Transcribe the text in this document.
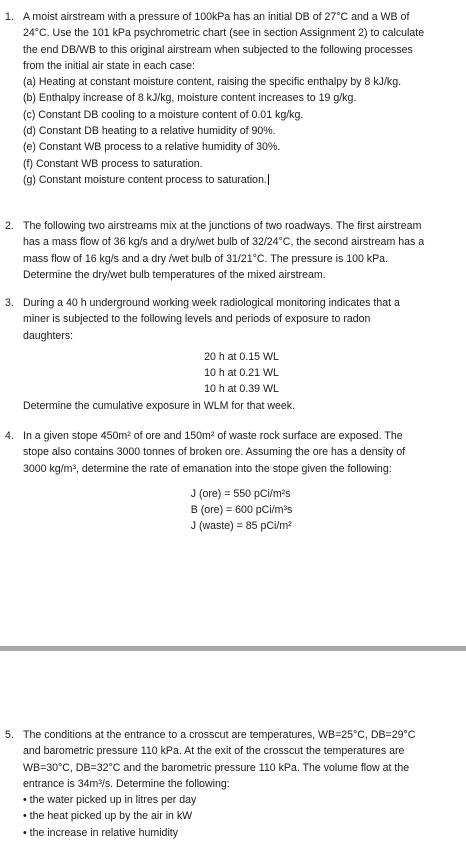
1. A moist airstream with a pressure of 100kPa has an initial DB of 27°C and a WB of
24°C. Use the 101 kPa psychrometric chart (see in section Assignment 2) to calculate
the end DB/WB to this original airstream when subjected to the following processes
from the initial air state in each case:
(a) Heating at constant moisture content, raising the specific enthalpy by 8 kJ/kg.
(b) Enthalpy increase of 8 kJ/kg, moisture content increases to 19 g/kg.
(c) Constant DB cooling to a moisture content of 0.01 kg/kg.
(d) Constant DB heating to a relative humidity of 90%.
(e) Constant WB process to a relative humidity of 30%.
(f) Constant WB process to saturation.
(g) Constant moisture content process to saturation.
2. The following two airstreams mix at the junctions of two roadways. The first airstream
has a mass flow of 36 kg/s and a dry/wet bulb of 32/24°C, the second airstream has a
mass flow of 16 kg/s and a dry /wet bulb of 31/21°C. The pressure is 100 kPa.
Determine the dry/wet bulb temperatures of the mixed airstream.
3. During a 40 h underground working week radiological monitoring indicates that a
miner is subjected to the following levels and periods of exposure to radon
daughters:
20 h at 0.15 WL
10 h at 0.21 WL
10 h at 0.39 WL
Determine the cumulative exposure in WLM for that week.
4. In a given stope 450m² of ore and 150m² of waste rock surface are exposed. The
stope also contains 3000 tonnes of broken ore. Assuming the ore has a density of
3000 kg/m³, determine the rate of emanation into the stope given the following:
J (ore) = 550 pCi/m²s
B (ore) = 600 pCi/m³s
J (waste) = 85 pCi/m²
5. The conditions at the entrance to a crosscut are temperatures, WB=25°C, DB=29°C
and barometric pressure 110 kPa. At the exit of the crosscut the temperatures are
WB=30°C, DB=32°C and the barometric pressure 110 kPa. The volume flow at the
entrance is 34m³/s. Determine the following:
• the water picked up in litres per day
• the heat picked up by the air in kW
• the increase in relative humidity
